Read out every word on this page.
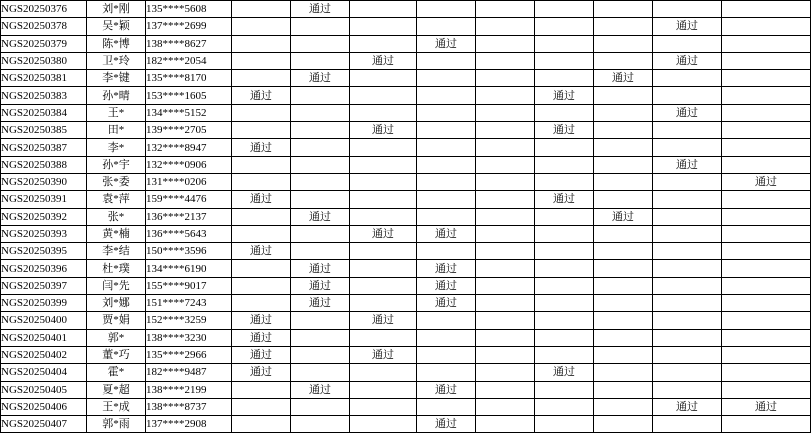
NGS20250376	刘*刚	135****5608		通过							
NGS20250378	吴*颖	137****2699								通过	
NGS20250379	陈*博	138****8627				通过					
NGS20250380	卫*玲	182****2054			通过					通过	
NGS20250381	李*键	135****8170		通过					通过		
NGS20250383	孙*晴	153****1605	通过					通过			
NGS20250384	王*	134****5152								通过	
NGS20250385	田*	139****2705			通过			通过			
NGS20250387	李*	132****8947	通过								
NGS20250388	孙*宇	132****0906								通过	
NGS20250390	张*委	131****0206									通过
NGS20250391	袁*萍	159****4476	通过					通过			
NGS20250392	张*	136****2137		通过					通过		
NGS20250393	黄*楠	136****5643			通过	通过					
NGS20250395	李*结	150****3596	通过								
NGS20250396	杜*璞	134****6190		通过		通过					
NGS20250397	闫*先	155****9017		通过		通过					
NGS20250399	刘*娜	151****7243		通过		通过					
NGS20250400	贾*娟	152****3259	通过		通过						
NGS20250401	郭*	138****3230	通过								
NGS20250402	董*巧	135****2966	通过		通过						
NGS20250404	霍*	182****9487	通过					通过			
NGS20250405	夏*超	138****2199		通过		通过					
NGS20250406	王*成	138****8737								通过	通过
NGS20250407	郭*雨	137****2908				通过					
